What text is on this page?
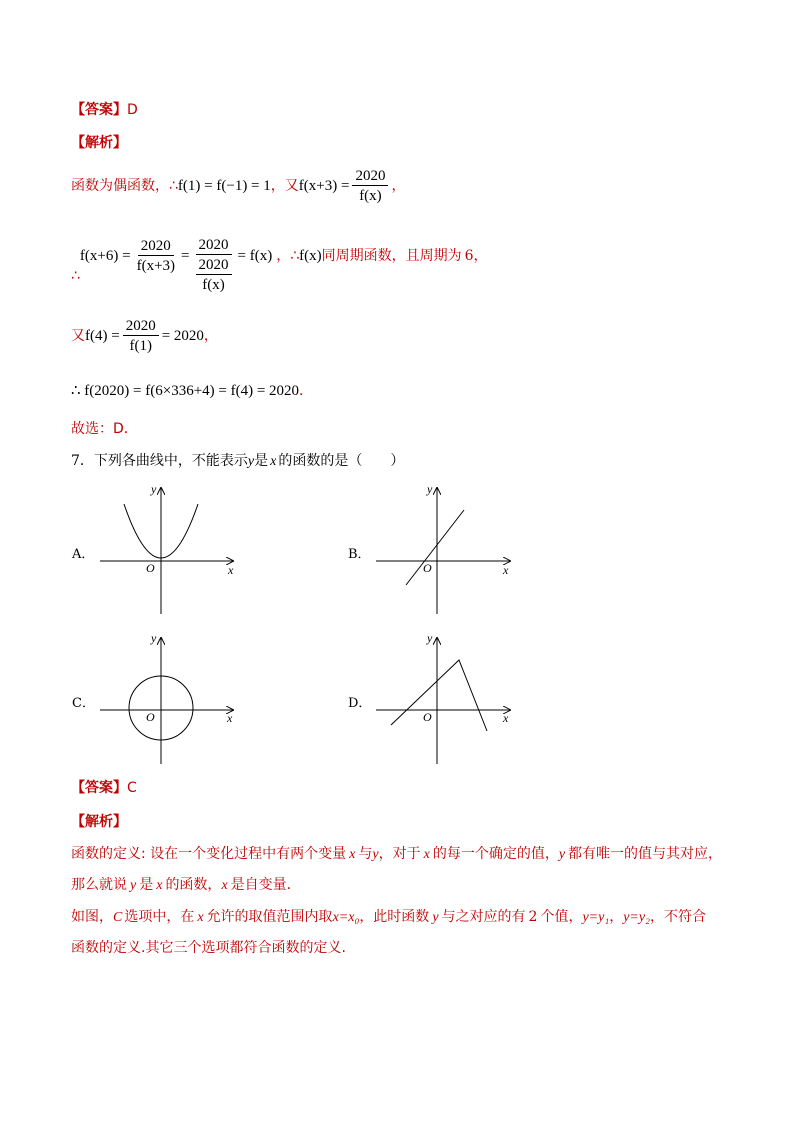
【答案】D
【解析】
函数为偶函数，∴ f(1) = f(−1) = 1 ，又 $f(x+3) = \frac{2020}{f(x)}$ ，
∴
$f(x+6) = \frac{2020}{f(x+3)} = \frac{2020}{\frac{2020}{f(x)}} = f(x)$ ，∴ f(x) 同周期函数，且周期为 6 ，
又 $f(4) = \frac{2020}{f(1)} = 2020$ ，
∴ f(2020) = f(6×336+4) = f(4) = 2020 ．
故选：D．
7．下列各曲线中，不能表示y是 x 的函数的是（　　）
A．	B．
C．	D．
O	x
y
O	x
y
O	x
y
O	x
y
【答案】C
【解析】
函数的定义: 设在一个变化过程中有两个变量 x 与y，对于 x 的每一个确定的值，y 都有唯一的值与其对应，
那么就说 y 是 x 的函数，x 是自变量．
如图，C 选项中，在 x 允许的取值范围内取x=x₀，此时函数 y 与之对应的有 2 个值，y=y₁，y=y₂，不符合
函数的定义.其它三个选项都符合函数的定义.
